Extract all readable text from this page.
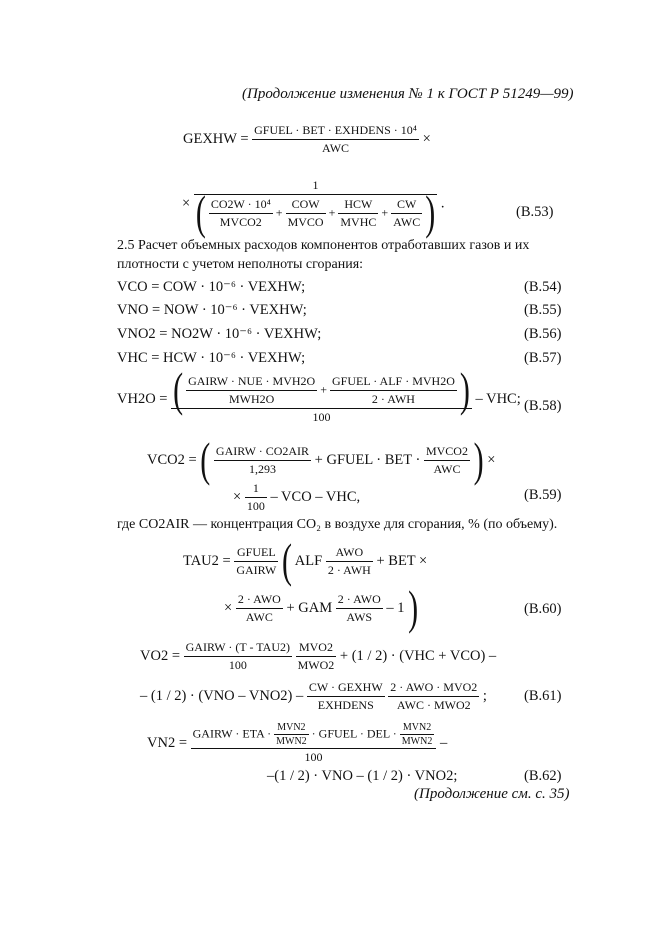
(Продолжение изменения № 1 к ГОСТ Р 51249—99)
GEXHW = $\frac{\text{GFUEL · BET · EXHDENS · 10⁴}}{\text{AWC}}$ ×
×
1
( $\frac{\text{CO2W · 10⁴}}{\text{MVCO2}} + \frac{\text{COW}}{\text{MVCO}} + \frac{\text{HCW}}{\text{MVHC}} + \frac{CW}{\text{AWC}}$ ) .
(B.53)
2.5 Расчет объемных расходов компонентов отработавших газов и их
плотности с учетом неполноты сгорания:
VCO = COW · 10⁻⁶ · VEXHW;	(B.54)
VNO = NOW · 10⁻⁶ · VEXHW;	(B.55)
VNO2 = NO2W · 10⁻⁶ · VEXHW;	(B.56)
VHC = HCW · 10⁻⁶ · VEXHW;	(B.57)
VH2O = ( $\frac{\text{GAIRW · NUE · MVH2O}}{\text{MWH2O}} + \frac{\text{GFUEL · ALF · MVH2O}}{\text{2 · AWH}}$ )
100
– VHC; (B.58)
VCO2 = ( $\frac{\text{GAIRW · CO2AIR}}{1,293}$ + GFUEL · BET · $\frac{\text{MVCO2}}{\text{AWC}}$ ) ×
× $\frac{1}{100}$ – VCO – VHC,	(B.59)
где CO2AIR — концентрация CO₂ в воздухе для сгорания, % (по объему).
$TAU2 = \frac{\text{GFUEL}}{\text{GAIRW}}$ ( ALF $\frac{\text{AWO}}{\text{2 · AWH}}$ + BET ×
× $\frac{\text{2 · AWO}}{\text{AWC}}$ + GAM $\frac{\text{2 · AWO}}{\text{AWS}} - 1$ )	(B.60)
$VO2 = \frac{\text{GAIRW · (T - TAU2)}}{100}$
$\frac{\text{MVO2}}{\text{MWO2}} + (1 / 2) \cdot (VHC + VCO)$ –
– $(1 / 2) \cdot (VNO - VNO2) - \frac{\text{CW · GEXHW}}{\text{EXHDENS}}$
$\frac{\text{2 · AWO · MVO2}}{\text{AWC · MWO2}}$ ;	(B.61)
VN2 =
GAIRW · ETA · $\frac{\text{MVN2}}{\text{MWN2}}$ · GFUEL · DEL · $\frac{\text{MVN2}}{\text{MWN2}}$
100
–
–(1 / 2) · VNO – (1 / 2) · VNO2;	(B.62)
(Продолжение см. с. 35)
